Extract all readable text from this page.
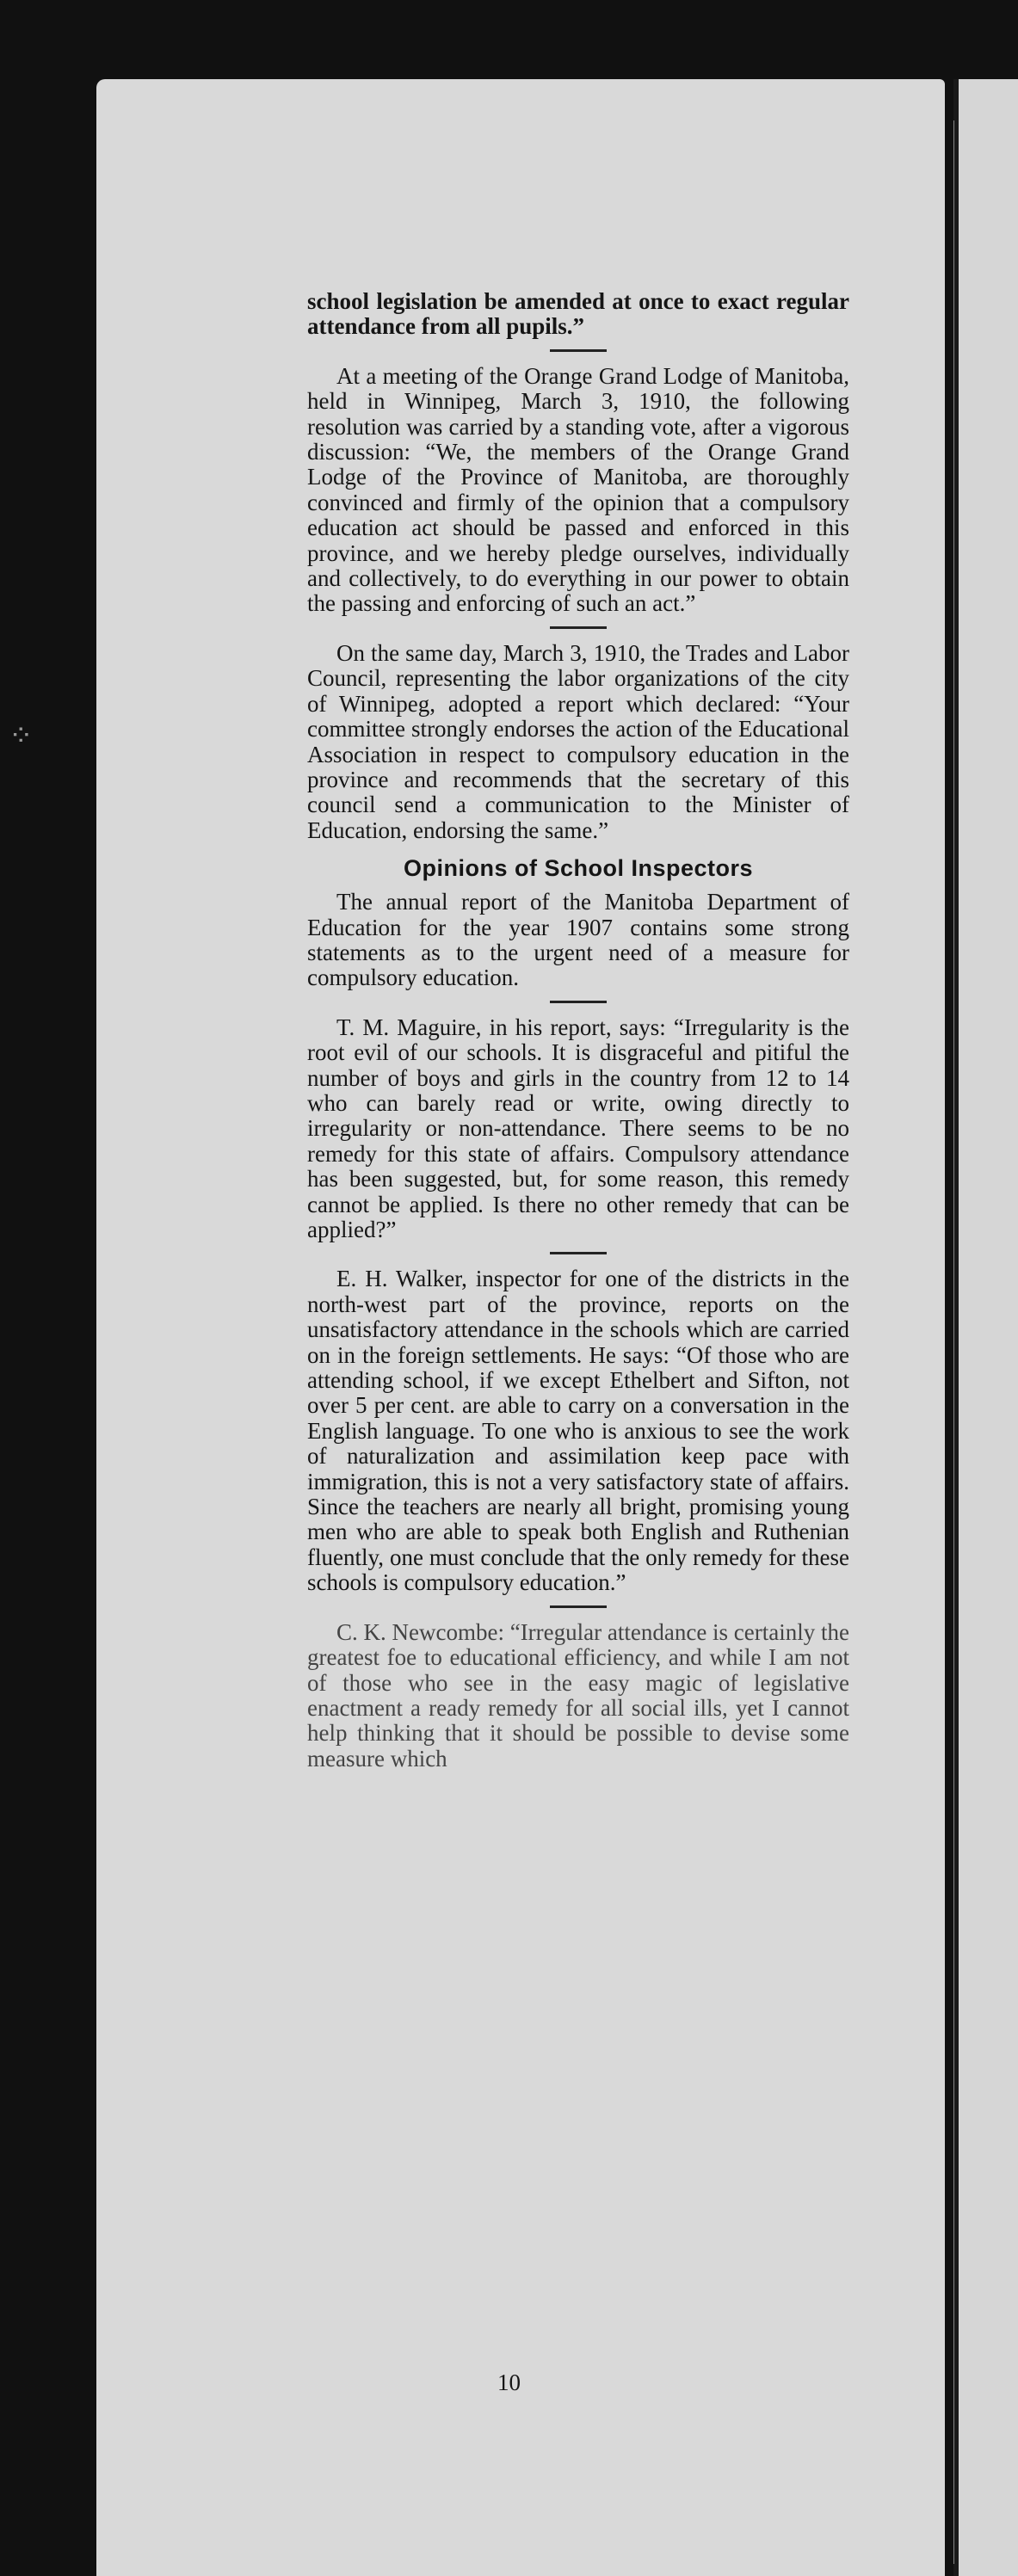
⁘

school legislation be amended at once to exact regular attendance from all pupils.”

At a meeting of the Orange Grand Lodge of Manitoba, held in Winnipeg, March 3, 1910, the following resolution was carried by a standing vote, after a vigorous discussion: “We, the members of the Orange Grand Lodge of the Province of Manitoba, are thoroughly convinced and firmly of the opinion that a compulsory education act should be passed and enforced in this province, and we hereby pledge ourselves, individually and collectively, to do everything in our power to obtain the passing and enforcing of such an act.”

On the same day, March 3, 1910, the Trades and Labor Council, representing the labor organizations of the city of Winnipeg, adopted a report which declared: “Your committee strongly endorses the action of the Educational Association in respect to compulsory education in the province and recommends that the secretary of this council send a communication to the Minister of Education, endorsing the same.”

Opinions of School Inspectors

The annual report of the Manitoba Department of Education for the year 1907 contains some strong statements as to the urgent need of a measure for compulsory education.

T. M. Maguire, in his report, says: “Irregularity is the root evil of our schools. It is disgraceful and pitiful the number of boys and girls in the country from 12 to 14 who can barely read or write, owing directly to irregularity or non-attendance. There seems to be no remedy for this state of affairs. Compulsory attendance has been suggested, but, for some reason, this remedy cannot be applied. Is there no other remedy that can be applied?”

E. H. Walker, inspector for one of the districts in the north-west part of the province, reports on the unsatisfactory attendance in the schools which are carried on in the foreign settlements. He says: “Of those who are attending school, if we except Ethelbert and Sifton, not over 5 per cent. are able to carry on a conversation in the English language. To one who is anxious to see the work of naturalization and assimilation keep pace with immigration, this is not a very satisfactory state of affairs. Since the teachers are nearly all bright, promising young men who are able to speak both English and Ruthenian fluently, one must conclude that the only remedy for these schools is compulsory education.”

C. K. Newcombe: “Irregular attendance is certainly the greatest foe to educational efficiency, and while I am not of those who see in the easy magic of legislative enactment a ready remedy for all social ills, yet I cannot help thinking that it should be possible to devise some measure which

10
